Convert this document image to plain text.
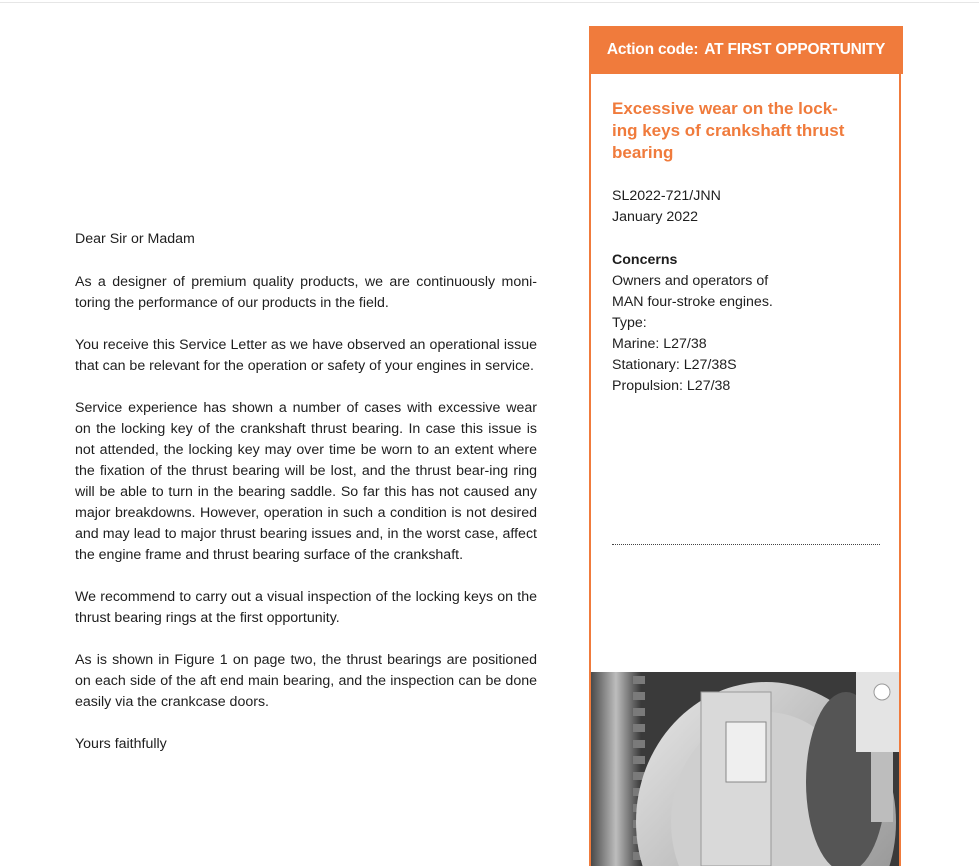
Dear Sir or Madam

As a designer of premium quality products, we are continuously moni-toring the performance of our products in the field.

You receive this Service Letter as we have observed an operational issue that can be relevant for the operation or safety of your engines in service.

Service experience has shown a number of cases with excessive wear on the locking key of the crankshaft thrust bearing. In case this issue is not attended, the locking key may over time be worn to an extent where the fixation of the thrust bearing will be lost, and the thrust bear-ing ring will be able to turn in the bearing saddle. So far this has not caused any major breakdowns. However, operation in such a condition is not desired and may lead to major thrust bearing issues and, in the worst case, affect the engine frame and thrust bearing surface of the crankshaft.

We recommend to carry out a visual inspection of the locking keys on the thrust bearing rings at the first opportunity.

As is shown in Figure 1 on page two, the thrust bearings are positioned on each side of the aft end main bearing, and the inspection can be done easily via the crankcase doors.

Yours faithfully

Action code: AT FIRST OPPORTUNITY
Excessive wear on the lock-
ing keys of crankshaft thrust
bearing
SL2022-721/JNN
January 2022
Concerns
Owners and operators of
MAN four-stroke engines.
Type:
Marine: L27/38
Stationary: L27/38S
Propulsion: L27/38
